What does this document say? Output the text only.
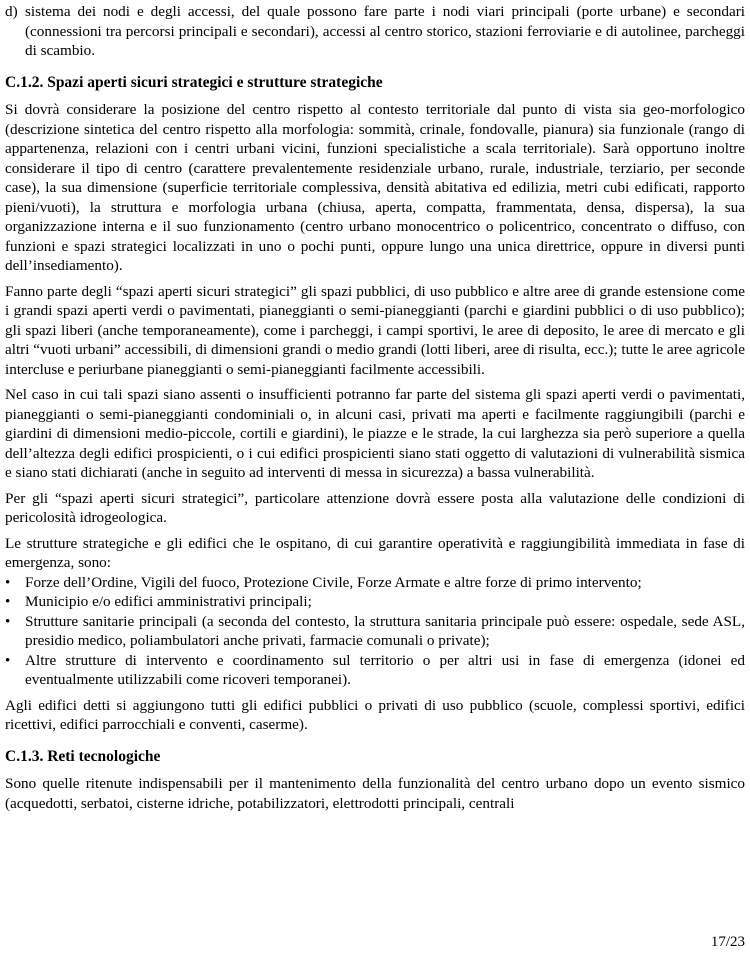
d) sistema dei nodi e degli accessi, del quale possono fare parte i nodi viari principali (porte urbane) e secondari (connessioni tra percorsi principali e secondari), accessi al centro storico, stazioni ferroviarie e di autolinee, parcheggi di scambio.
C.1.2. Spazi aperti sicuri strategici e strutture strategiche

Si dovrà considerare la posizione del centro rispetto al contesto territoriale dal punto di vista sia geo-morfologico (descrizione sintetica del centro rispetto alla morfologia: sommità, crinale, fondovalle, pianura) sia funzionale (rango di appartenenza, relazioni con i centri urbani vicini, funzioni specialistiche a scala territoriale). Sarà opportuno inoltre considerare il tipo di centro (carattere prevalentemente residenziale urbano, rurale, industriale, terziario, per seconde case), la sua dimensione (superficie territoriale complessiva, densità abitativa ed edilizia, metri cubi edificati, rapporto pieni/vuoti), la struttura e morfologia urbana (chiusa, aperta, compatta, frammentata, densa, dispersa), la sua organizzazione interna e il suo funzionamento (centro urbano monocentrico o policentrico, concentrato o diffuso, con funzioni e spazi strategici localizzati in uno o pochi punti, oppure lungo una unica direttrice, oppure in diversi punti dell’insediamento).

Fanno parte degli “spazi aperti sicuri strategici” gli spazi pubblici, di uso pubblico e altre aree di grande estensione come i grandi spazi aperti verdi o pavimentati, pianeggianti o semi-pianeggianti (parchi e giardini pubblici o di uso pubblico); gli spazi liberi (anche temporaneamente), come i parcheggi, i campi sportivi, le aree di deposito, le aree di mercato e gli altri “vuoti urbani” accessibili, di dimensioni grandi o medio grandi (lotti liberi, aree di risulta, ecc.); tutte le aree agricole intercluse e periurbane pianeggianti o semi-pianeggianti facilmente accessibili.

Nel caso in cui tali spazi siano assenti o insufficienti potranno far parte del sistema gli spazi aperti verdi o pavimentati, pianeggianti o semi-pianeggianti condominiali o, in alcuni casi, privati ma aperti e facilmente raggiungibili (parchi e giardini di dimensioni medio-piccole, cortili e giardini), le piazze e le strade, la cui larghezza sia però superiore a quella dell’altezza degli edifici prospicienti, o i cui edifici prospicienti siano stati oggetto di valutazioni di vulnerabilità sismica e siano stati dichiarati (anche in seguito ad interventi di messa in sicurezza) a bassa vulnerabilità.

Per gli “spazi aperti sicuri strategici”, particolare attenzione dovrà essere posta alla valutazione delle condizioni di pericolosità idrogeologica.

Le strutture strategiche e gli edifici che le ospitano, di cui garantire operatività e raggiungibilità immediata in fase di emergenza, sono:

• Forze dell’Ordine, Vigili del fuoco, Protezione Civile, Forze Armate e altre forze di primo intervento;
• Municipio e/o edifici amministrativi principali;
• Strutture sanitarie principali (a seconda del contesto, la struttura sanitaria principale può essere: ospedale, sede ASL, presidio medico, poliambulatori anche privati, farmacie comunali o private);
• Altre strutture di intervento e coordinamento sul territorio o per altri usi in fase di emergenza (idonei ed eventualmente utilizzabili come ricoveri temporanei).

Agli edifici detti si aggiungono tutti gli edifici pubblici o privati di uso pubblico (scuole, complessi sportivi, edifici ricettivi, edifici parrocchiali e conventi, caserme).

C.1.3. Reti tecnologiche

Sono quelle ritenute indispensabili per il mantenimento della funzionalità del centro urbano dopo un evento sismico (acquedotti, serbatoi, cisterne idriche, potabilizzatori, elettrodotti principali, centrali

17/23
